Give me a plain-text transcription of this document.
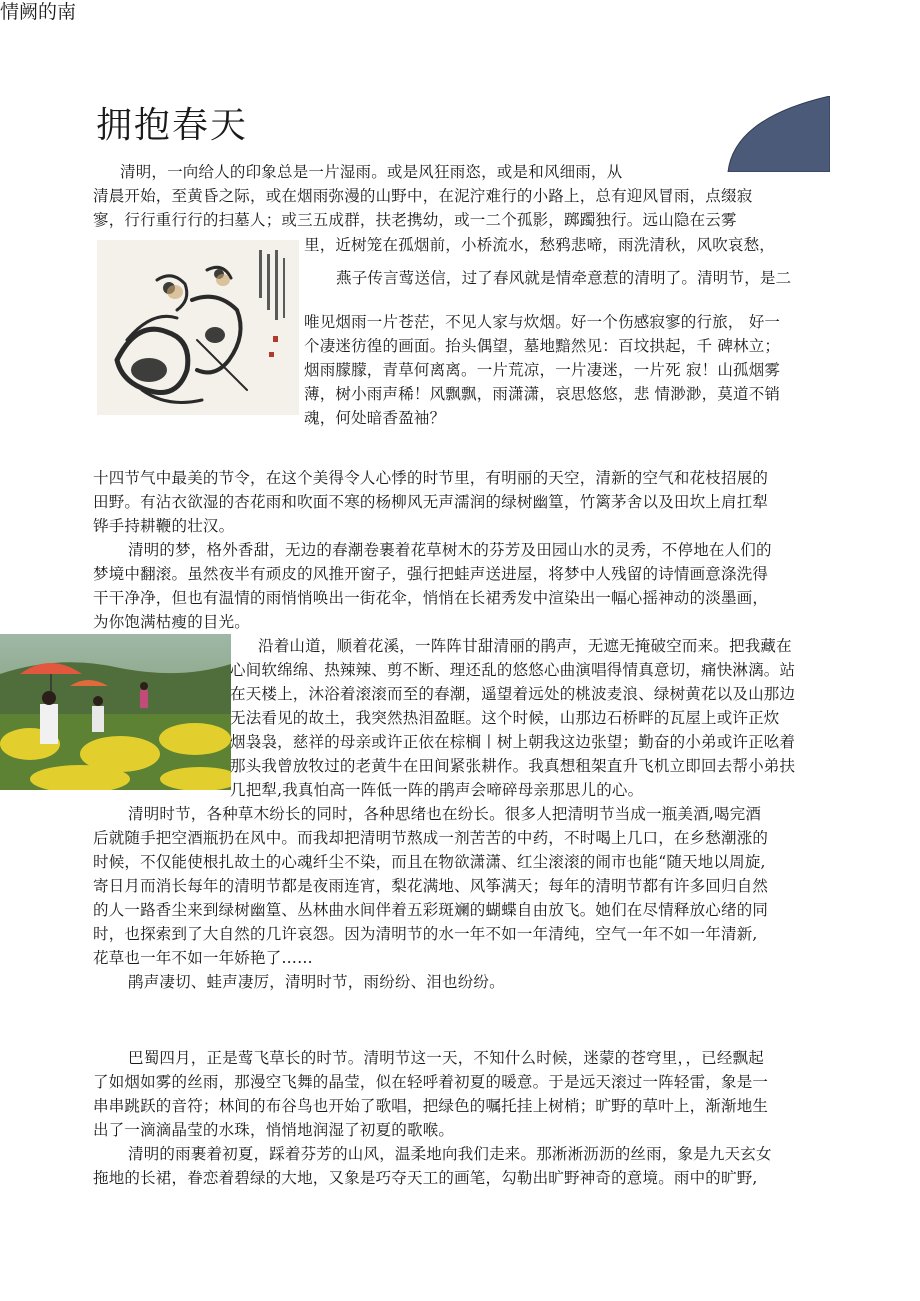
拥抱春天
清明，一向给人的印象总是一片湿雨。或是风狂雨恣，或是和风细雨，从
清晨开始，至黄昏之际，或在烟雨弥漫的山野中，在泥泞难行的小路上，总有迎风冒雨，点缀寂
寥，行行重行行的扫墓人；或三五成群，扶老携幼，或一二个孤影，踯躅独行。远山隐在云雾
里，近树笼在孤烟前，小桥流水，愁鸦悲啼，雨洗清秋，风吹哀愁，
燕子传言莺送信，过了春风就是情牵意惹的清明了。清明节，是二
唯见烟雨一片苍茫，不见人家与炊烟。好一个伤感寂寥的行旅， 好一
个凄迷彷徨的画面。抬头偶望，墓地黯然见：百坟拱起，千 碑林立；
烟雨朦朦，青草何离离。一片荒凉，一片凄迷，一片死 寂！山孤烟雾
薄，树小雨声稀！风飘飘，雨潇潇，哀思悠悠，悲 情渺渺，莫道不销
魂，何处暗香盈袖？
十四节气中最美的节令，在这个美得令人心悸的时节里，有明丽的天空，清新的空气和花枝招展的
田野。有沾衣欲湿的杏花雨和吹面不寒的杨柳风无声濡润的绿树幽篁，竹篱茅舍以及田坎上肩扛犁
铧手持耕鞭的壮汉。
清明的梦，格外香甜，无边的春潮卷裹着花草树木的芬芳及田园山水的灵秀，不停地在人们的
梦境中翻滚。虽然夜半有顽皮的风推开窗子，强行把蛙声送进屋，将梦中人残留的诗情画意涤洗得
干干净净，但也有温情的雨悄悄唤出一街花伞，悄悄在长裙秀发中渲染出一幅心摇神动的淡墨画，
为你饱满枯瘦的目光。
沿着山道，顺着花溪，一阵阵甘甜清丽的鹃声，无遮无掩破空而来。把我藏在
心间软绵绵、热辣辣、剪不断、理还乱的悠悠心曲演唱得情真意切，痛快淋漓。站
在天楼上，沐浴着滚滚而至的春潮，遥望着远处的桃波麦浪、绿树黄花以及山那边
无法看见的故土，我突然热泪盈眶。这个时候，山那边石桥畔的瓦屋上或许正炊
烟袅袅，慈祥的母亲或许正依在棕榈丨树上朝我这边张望；勤奋的小弟或许正吆着
那头我曾放牧过的老黄牛在田间紧张耕作。我真想租架直升飞机立即回去帮小弟扶
几把犁,我真怕高一阵低一阵的鹃声会啼碎母亲那思儿的心。
清明时节，各种草木纷长的同时，各种思绪也在纷长。很多人把清明节当成一瓶美酒,喝完酒
后就随手把空酒瓶扔在风中。而我却把清明节熬成一剂苦苦的中药，不时喝上几口，在乡愁潮涨的
时候，不仅能使根扎故土的心魂纤尘不染，而且在物欲潇潇、红尘滚滚的闹市也能“随天地以周旋,
寄日月而消长每年的清明节都是夜雨连宵，梨花满地、风筝满天；每年的清明节都有许多回归自然
的人一路香尘来到绿树幽篁、丛林曲水间伴着五彩斑斓的蝴蝶自由放飞。她们在尽情释放心绪的同
时，也探索到了大自然的几许哀怨。因为清明节的水一年不如一年清纯，空气一年不如一年清新,
花草也一年不如一年娇艳了……
鹃声凄切、蛙声凄厉，清明时节，雨纷纷、泪也纷纷。
情阙的南
巴蜀四月，正是莺飞草长的时节。清明节这一天，不知什么时候，迷蒙的苍穹里，，已经飘起
了如烟如雾的丝雨，那漫空飞舞的晶莹，似在轻呼着初夏的暖意。于是远天滚过一阵轻雷，象是一
串串跳跃的音符；林间的布谷鸟也开始了歌唱，把绿色的嘱托挂上树梢；旷野的草叶上，渐渐地生
出了一滴滴晶莹的水珠，悄悄地润湿了初夏的歌喉。
清明的雨裹着初夏，踩着芬芳的山风，温柔地向我们走来。那淅淅沥沥的丝雨，象是九天玄女
拖地的长裙，眷恋着碧绿的大地，又象是巧夺天工的画笔，勾勒出旷野神奇的意境。雨中的旷野,
